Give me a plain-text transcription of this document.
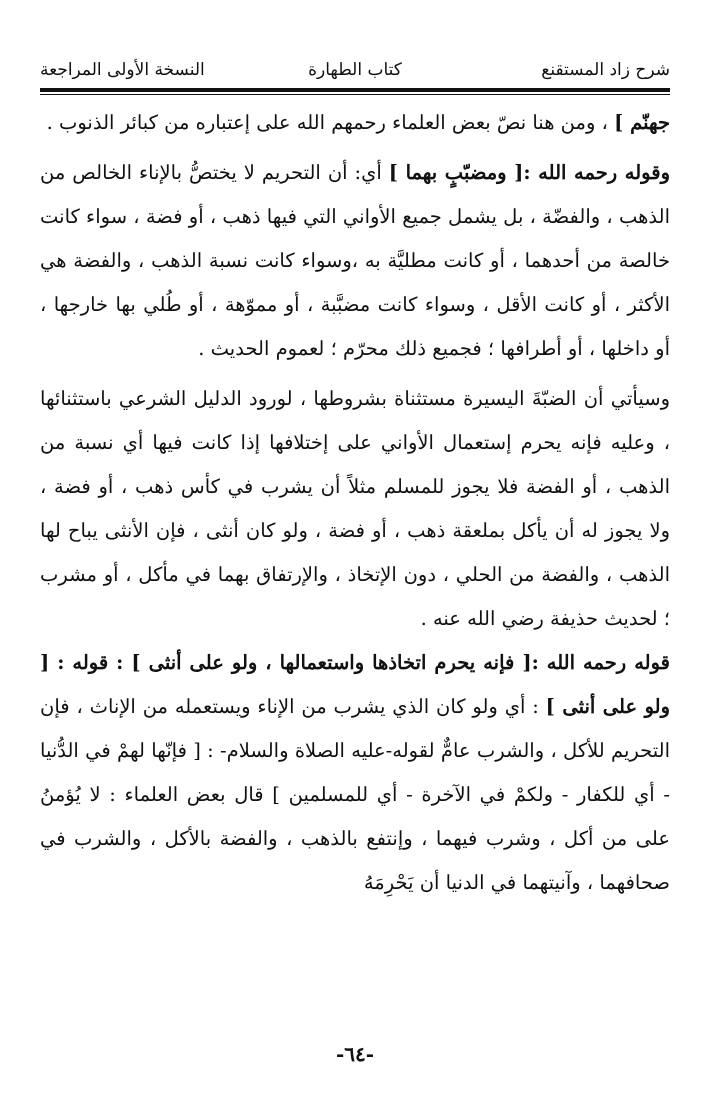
شرح زاد المستقنع
كتاب الطهارة
النسخة الأولى المراجعة

جهنّم ] ، ومن هنا نصّ بعض العلماء رحمهم الله على إعتباره من كبائر الذنوب .

وقوله رحمه الله :[ ومضبّبٍ بهما ] أي: أن التحريم لا يختصُّ بالإناء الخالص من الذهب ، والفضّة ، بل يشمل جميع الأواني التي فيها ذهب ، أو فضة ، سواء كانت خالصة من أحدهما ، أو كانت مطليَّة به ،وسواء كانت نسبة الذهب ، والفضة هي الأكثر ، أو كانت الأقل ، وسواء كانت مضبَّبة ، أو مموّهة ، أو طُلي بها خارجها ، أو داخلها ، أو أطرافها ؛ فجميع ذلك محرّم ؛ لعموم الحديث .

وسيأتي أن الضبّةَ اليسيرة مستثناة بشروطها ، لورود الدليل الشرعي باستثنائها ، وعليه فإنه يحرم إستعمال الأواني على إختلافها إذا كانت فيها أي نسبة من الذهب ، أو الفضة فلا يجوز للمسلم مثلاً أن يشرب في كأس ذهب ، أو فضة ، ولا يجوز له أن يأكل بملعقة ذهب ، أو فضة ، ولو كان أنثى ، فإن الأنثى يباح لها الذهب ، والفضة من الحلي ، دون الإتخاذ ، والإرتفاق بهما في مأكل ، أو مشرب ؛ لحديث حذيفة رضي الله عنه .

قوله رحمه الله :[ فإنه يحرم اتخاذها واستعمالها ، ولو على أنثى ] : قوله : [ ولو على أنثى ] : أي ولو كان الذي يشرب من الإناء ويستعمله من الإناث ، فإن التحريم للأكل ، والشرب عامٌّ لقوله-عليه الصلاة والسلام- : [ فإنّها لهمْ في الدُّنيا - أي للكفار - ولكمْ في الآخرة - أي للمسلمين ] قال بعض العلماء : لا يُؤمنُ على من أكل ، وشرب فيهما ، وإنتفع بالذهب ، والفضة بالأكل ، والشرب في صحافهما ، وآنيتهما في الدنيا أن يَحْرِمَهُ

-٦٤-
